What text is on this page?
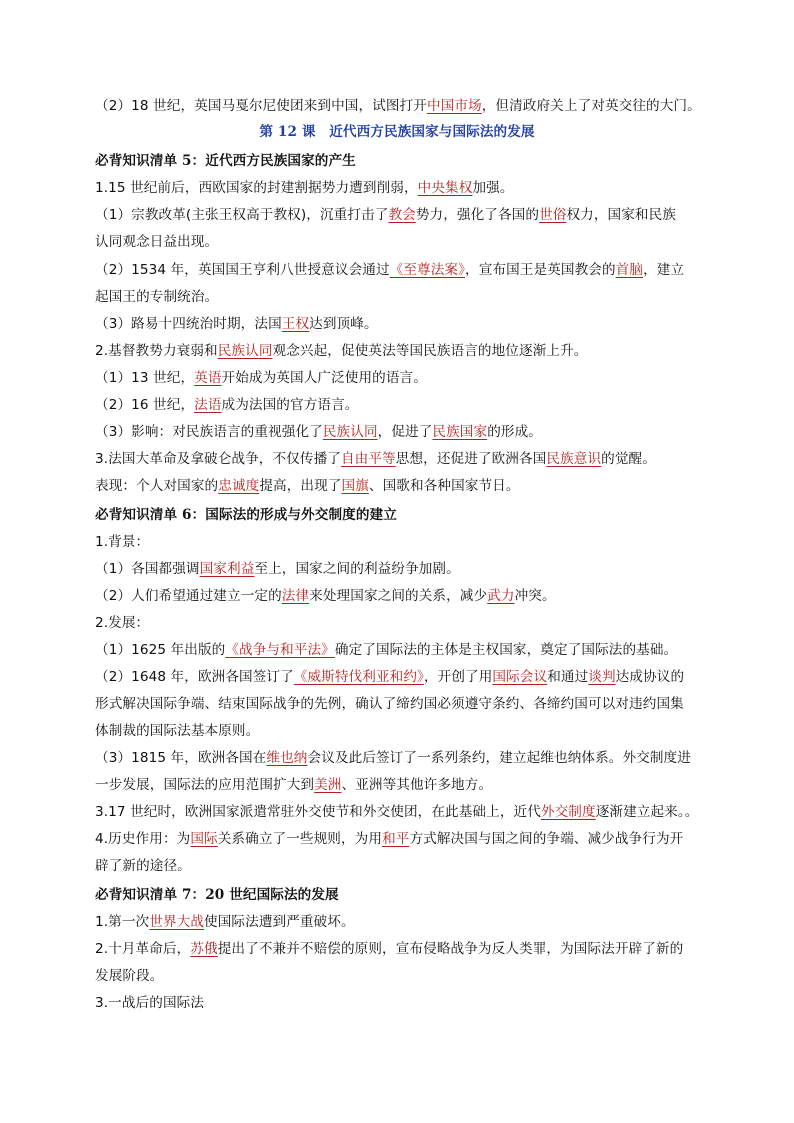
（2）18 世纪，英国马戛尔尼使团来到中国，试图打开中国市场，但清政府关上了对英交往的大门。
第 12 课　近代西方民族国家与国际法的发展
必背知识清单 5：近代西方民族国家的产生
1.15 世纪前后，西欧国家的封建割据势力遭到削弱，中央集权加强。
（1）宗教改革(主张王权高于教权)，沉重打击了教会势力，强化了各国的世俗权力，国家和民族
认同观念日益出现。
（2）1534 年，英国国王亨利八世授意议会通过《至尊法案》，宣布国王是英国教会的首脑，建立
起国王的专制统治。
（3）路易十四统治时期，法国王权达到顶峰。
2.基督教势力衰弱和民族认同观念兴起，促使英法等国民族语言的地位逐渐上升。
（1）13 世纪，英语开始成为英国人广泛使用的语言。
（2）16 世纪，法语成为法国的官方语言。
（3）影响：对民族语言的重视强化了民族认同，促进了民族国家的形成。
3.法国大革命及拿破仑战争，不仅传播了自由平等思想，还促进了欧洲各国民族意识的觉醒。
表现：个人对国家的忠诚度提高，出现了国旗、国歌和各种国家节日。
必背知识清单 6：国际法的形成与外交制度的建立
1.背景：
（1）各国都强调国家利益至上，国家之间的利益纷争加剧。
（2）人们希望通过建立一定的法律来处理国家之间的关系，减少武力冲突。
2.发展：
（1）1625 年出版的《战争与和平法》确定了国际法的主体是主权国家，奠定了国际法的基础。
（2）1648 年，欧洲各国签订了《威斯特伐利亚和约》，开创了用国际会议和通过谈判达成协议的
形式解决国际争端、结束国际战争的先例，确认了缔约国必须遵守条约、各缔约国可以对违约国集
体制裁的国际法基本原则。
（3）1815 年，欧洲各国在维也纳会议及此后签订了一系列条约，建立起维也纳体系。外交制度进
一步发展，国际法的应用范围扩大到美洲、亚洲等其他许多地方。
3.17 世纪时，欧洲国家派遣常驻外交使节和外交使团，在此基础上，近代外交制度逐渐建立起来。。
4.历史作用：为国际关系确立了一些规则，为用和平方式解决国与国之间的争端、减少战争行为开
辟了新的途径。
必背知识清单 7：20 世纪国际法的发展
1.第一次世界大战使国际法遭到严重破坏。
2.十月革命后，苏俄提出了不兼并不赔偿的原则，宣布侵略战争为反人类罪，为国际法开辟了新的
发展阶段。
3.一战后的国际法
